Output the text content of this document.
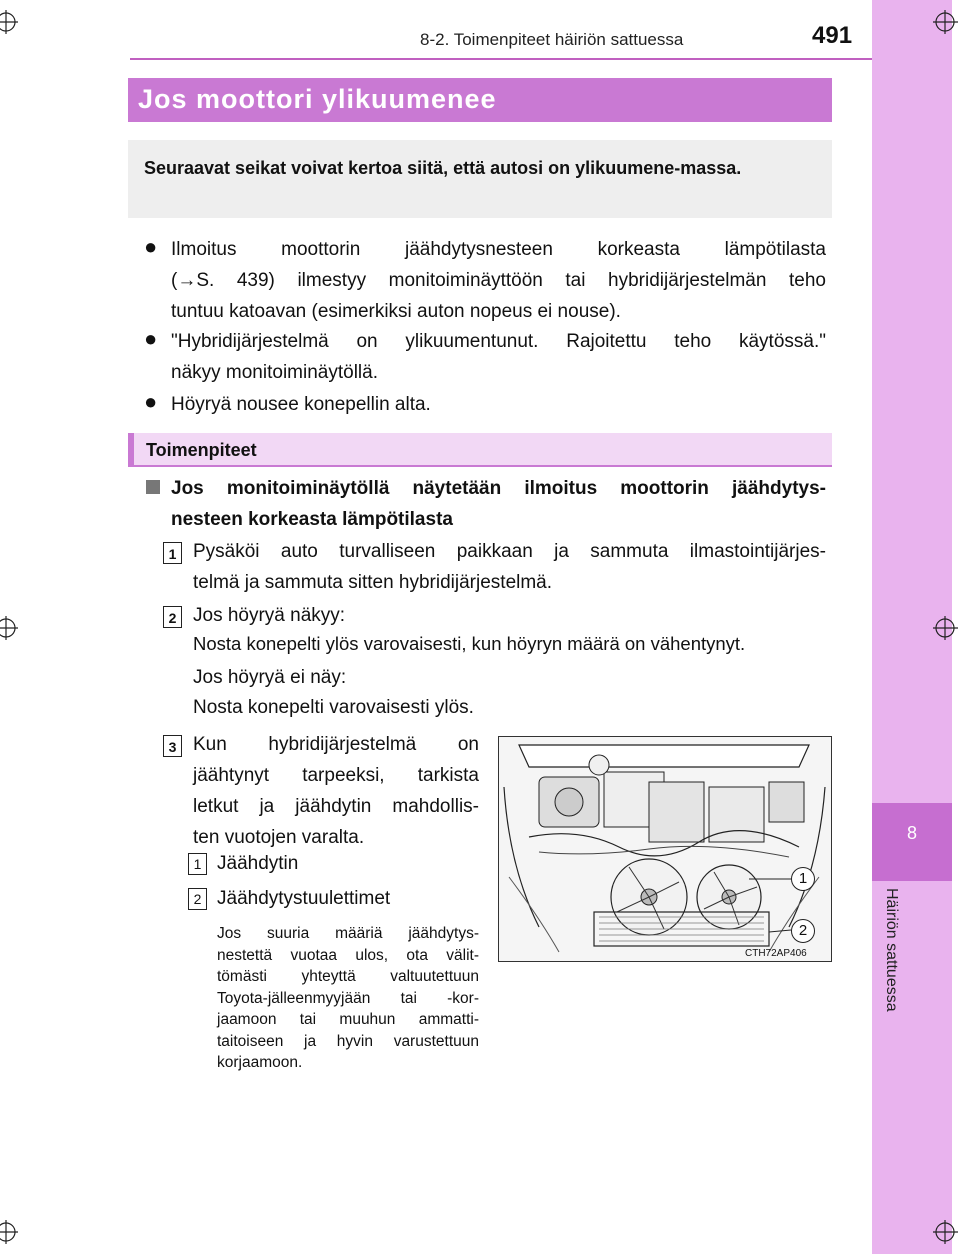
8-2. Toimenpiteet häiriön sattuessa	491
8
Häiriön sattuessa
Jos moottori ylikuumenee
Seuraavat seikat voivat kertoa siitä, että autosi on ylikuumene-massa.
● Ilmoitus moottorin jäähdytysnesteen korkeasta lämpötilasta
(→S. 439) ilmestyy monitoiminäyttöön tai hybridijärjestelmän teho
tuntuu katoavan (esimerkiksi auton nopeus ei nouse).
● "Hybridijärjestelmä on ylikuumentunut. Rajoitettu teho käytössä."
näkyy monitoiminäytöllä.
● Höyryä nousee konepellin alta.
Toimenpiteet
Jos monitoiminäytöllä näytetään ilmoitus moottorin jäähdytys-
nesteen korkeasta lämpötilasta
1 Pysäköi auto turvalliseen paikkaan ja sammuta ilmastointijärjes-
telmä ja sammuta sitten hybridijärjestelmä.
2 Jos höyryä näkyy:
Nosta konepelti ylös varovaisesti, kun höyryn määrä on vähentynyt.
Jos höyryä ei näy:
Nosta konepelti varovaisesti ylös.
3 Kun hybridijärjestelmä on
jäähtynyt tarpeeksi, tarkista
letkut ja jäähdytin mahdollis-
ten vuotojen varalta.
1 Jäähdytin
2 Jäähdytystuulettimet
Jos suuria määriä jäähdytys-
nestettä vuotaa ulos, ota välit-
tömästi yhteyttä valtuutettuun
Toyota-jälleenmyyjään tai -kor-
jaamoon tai muuhun ammatti-
taitoiseen ja hyvin varustettuun
korjaamoon.
1
2
CTH72AP406
